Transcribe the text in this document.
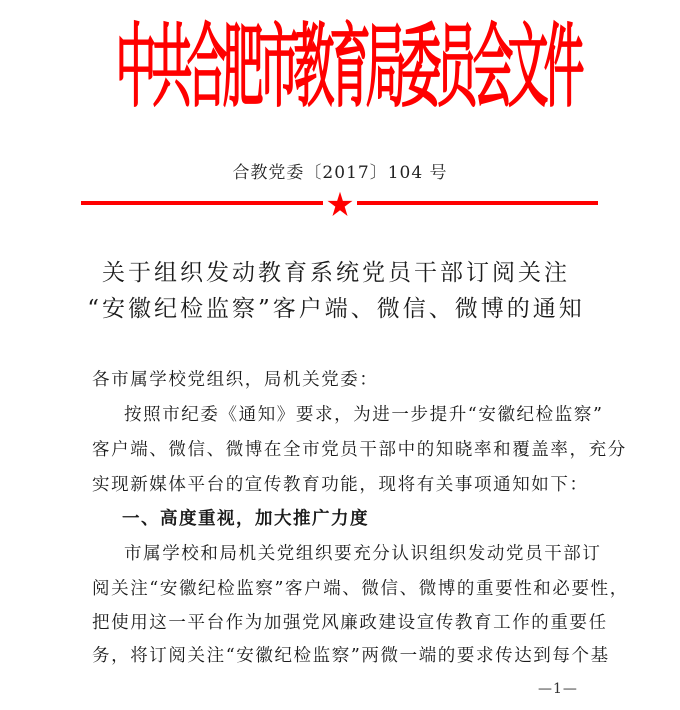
中
共
合
肥
市
教
育
局
委
员
会
文
件
合教党委〔2017〕104 号
关于组织发动教育系统党员干部订阅关注
“安徽纪检监察”客户端、微信、微博的通知
各市属学校党组织，局机关党委：
按照市纪委《通知》要求，为进一步提升“安徽纪检监察”
客户端、微信、微博在全市党员干部中的知晓率和覆盖率，充分
实现新媒体平台的宣传教育功能，现将有关事项通知如下：
一、高度重视，加大推广力度
市属学校和局机关党组织要充分认识组织发动党员干部订
阅关注“安徽纪检监察”客户端、微信、微博的重要性和必要性，
把使用这一平台作为加强党风廉政建设宣传教育工作的重要任
务，将订阅关注“安徽纪检监察”两微一端的要求传达到每个基
—1—
